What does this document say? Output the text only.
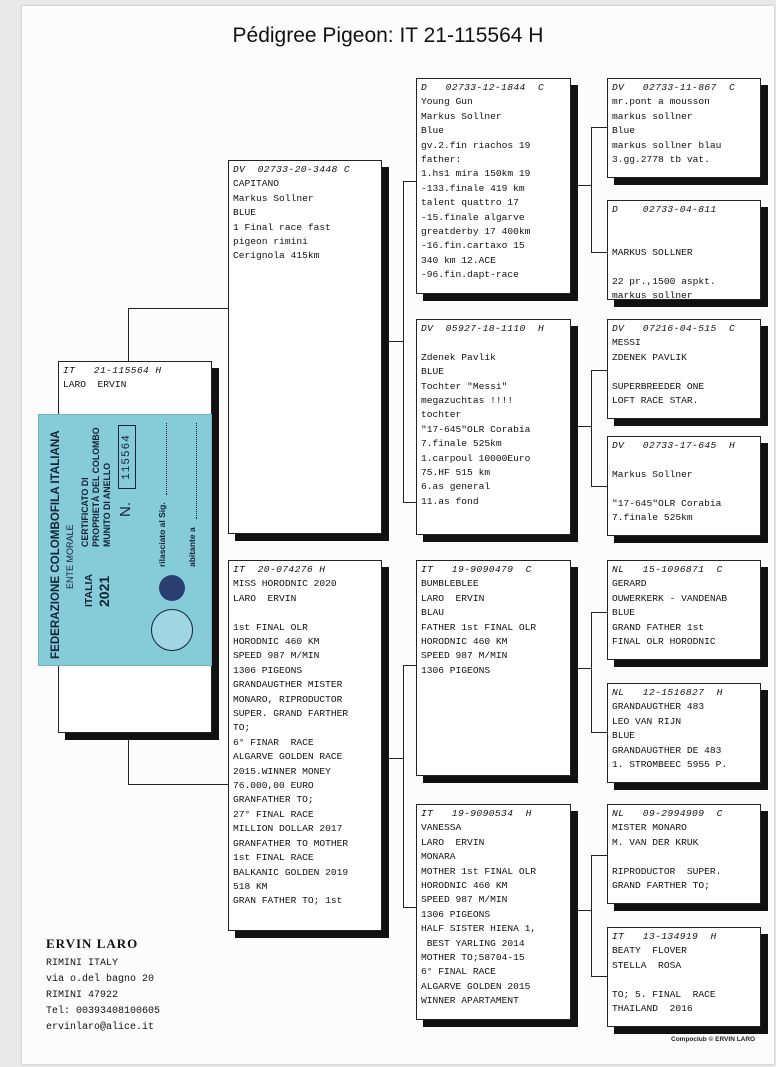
Pédigree Pigeon: IT 21-115564 H
IT   21-115564 H
LARO  ERVIN
DV  02733-20-3448 C
CAPITANO
Markus Sollner
BLUE
1 Final race fast
pigeon rimini
Cerignola 415km
IT  20-074276 H
MISS HORODNIC 2020
LARO  ERVIN
1st FINAL OLR
HORODNIC 460 KM
SPEED 987 M/MIN
1306 PIGEONS
GRANDAUGTHER MISTER
MONARO, RIPRODUCTOR
SUPER. GRAND FARTHER
TO;
6° FINAR  RACE
ALGARVE GOLDEN RACE
2015.WINNER MONEY
76.000,00 EURO
GRANFATHER TO;
27° FINAL RACE
MILLION DOLLAR 2017
GRANFATHER TO MOTHER
1st FINAL RACE
BALKANIC GOLDEN 2019
518 KM
GRAN FATHER TO; 1st
D   02733-12-1844  C
Young Gun
Markus Sollner
Blue
gv.2.fin riachos 19
father:
1.hs1 mira 150km 19
-133.finale 419 km
talent quattro 17
-15.finale algarve
greatderby 17 400km
-16.fin.cartaxo 15
340 km 12.ACE
-96.fin.dapt-race
DV  05927-18-1110  H
Zdenek Pavlik
BLUE
Tochter "Messi"
megazuchtas !!!!
tochter
"17-645"OLR Corabia
7.finale 525km
1.carpoul 10000Euro
75.HF 515 km
6.as general
11.as fond
IT   19-9090479  C
BUMBLEBLEE
LARO  ERVIN
BLAU
FATHER 1st FINAL OLR
HORODNIC 460 KM
SPEED 987 M/MIN
1306 PIGEONS
IT   19-9090534  H
VANESSA
LARO  ERVIN
MONARA
MOTHER 1st FINAL OLR
HORODNIC 460 KM
SPEED 987 M/MIN
1306 PIGEONS
HALF SISTER HIENA 1,
BEST YARLING 2014
MOTHER TO;58704-15
6° FINAL RACE
ALGARVE GOLDEN 2015
WINNER APARTAMENT
DV   02733-11-867  C
mr.pont a mousson
markus sollner
Blue
markus sollner blau
3.gg.2778 tb vat.
D    02733-04-811
MARKUS SOLLNER
22 pr.,1500 aspkt.
markus sollner
DV   07216-04-515  C
MESSI
ZDENEK PAVLIK
SUPERBREEDER ONE
LOFT RACE STAR.
DV   02733-17-645  H
Markus Sollner
"17-645"OLR Corabia
7.finale 525km
NL   15-1096871  C
GERARD
OUWERKERK - VANDENAB
BLUE
GRAND FATHER 1st
FINAL OLR HORODNIC
NL   12-1516827  H
GRANDAUGTHER 483
LEO VAN RIJN
BLUE
GRANDAUGTHER DE 483
1. STROMBEEC 5955 P.
NL   09-2994909  C
MISTER MONARO
M. VAN DER KRUK
RIPRODUCTOR  SUPER.
GRAND FARTHER TO;
IT   13-134919  H
BEATY  FLOVER
STELLA  ROSA
TO; 5. FINAL  RACE
THAILAND  2016
FEDERAZIONE COLOMBOFILA ITALIANA ENTE MORALE
ITALIA 2021
CERTIFICATO DI PROPRIETÀ DEL COLOMBO MUNITO DI ANELLO N.
115564
rilasciato al Sig. abitante a
ERVIN LARO
RIMINI ITALY
via o.del bagno 20
RIMINI 47922
Tel: 00393408100605
ervinlaro@alice.it
Compoclub © ERVIN LARO
